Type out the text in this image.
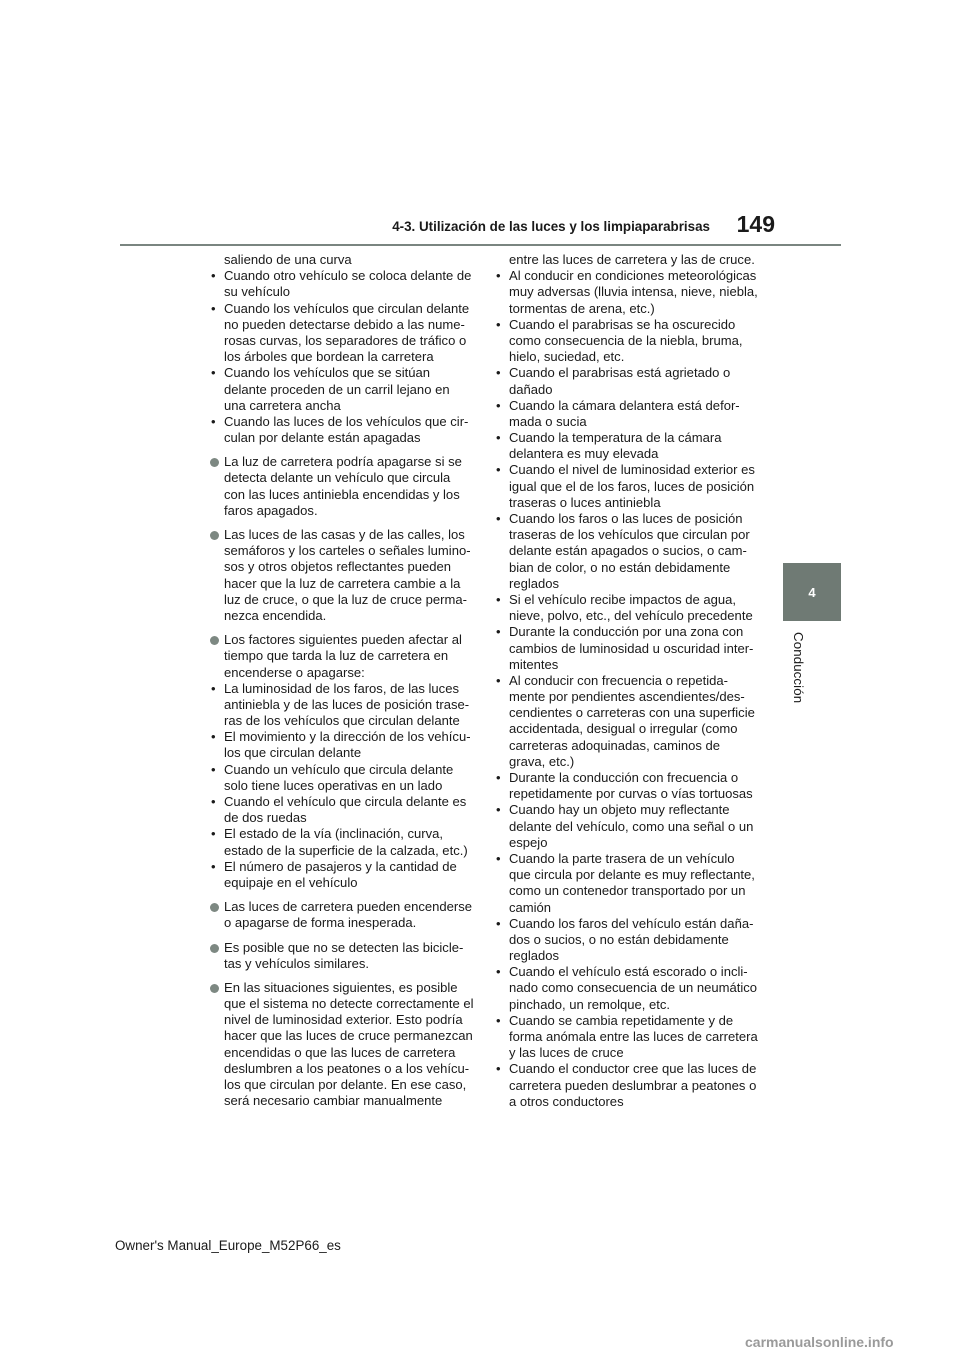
4-3. Utilización de las luces y los limpiaparabrisas	149
4
Conducción
saliendo de una curva
• Cuando otro vehículo se coloca delante de
su vehículo
• Cuando los vehículos que circulan delante
no pueden detectarse debido a las nume-
rosas curvas, los separadores de tráfico o
los árboles que bordean la carretera
• Cuando los vehículos que se sitúan
delante proceden de un carril lejano en
una carretera ancha
• Cuando las luces de los vehículos que cir-
culan por delante están apagadas
La luz de carretera podría apagarse si se
detecta delante un vehículo que circula
con las luces antiniebla encendidas y los
faros apagados.
Las luces de las casas y de las calles, los
semáforos y los carteles o señales lumino-
sos y otros objetos reflectantes pueden
hacer que la luz de carretera cambie a la
luz de cruce, o que la luz de cruce perma-
nezca encendida.
Los factores siguientes pueden afectar al
tiempo que tarda la luz de carretera en
encenderse o apagarse:
• La luminosidad de los faros, de las luces
antiniebla y de las luces de posición trase-
ras de los vehículos que circulan delante
• El movimiento y la dirección de los vehícu-
los que circulan delante
• Cuando un vehículo que circula delante
solo tiene luces operativas en un lado
• Cuando el vehículo que circula delante es
de dos ruedas
• El estado de la vía (inclinación, curva,
estado de la superficie de la calzada, etc.)
• El número de pasajeros y la cantidad de
equipaje en el vehículo
Las luces de carretera pueden encenderse
o apagarse de forma inesperada.
Es posible que no se detecten las bicicle-
tas y vehículos similares.
En las situaciones siguientes, es posible
que el sistema no detecte correctamente el
nivel de luminosidad exterior. Esto podría
hacer que las luces de cruce permanezcan
encendidas o que las luces de carretera
deslumbren a los peatones o a los vehícu-
los que circulan por delante. En ese caso,
será necesario cambiar manualmente
entre las luces de carretera y las de cruce.
• Al conducir en condiciones meteorológicas
muy adversas (lluvia intensa, nieve, niebla,
tormentas de arena, etc.)
• Cuando el parabrisas se ha oscurecido
como consecuencia de la niebla, bruma,
hielo, suciedad, etc.
• Cuando el parabrisas está agrietado o
dañado
• Cuando la cámara delantera está defor-
mada o sucia
• Cuando la temperatura de la cámara
delantera es muy elevada
• Cuando el nivel de luminosidad exterior es
igual que el de los faros, luces de posición
traseras o luces antiniebla
• Cuando los faros o las luces de posición
traseras de los vehículos que circulan por
delante están apagados o sucios, o cam-
bian de color, o no están debidamente
reglados
• Si el vehículo recibe impactos de agua,
nieve, polvo, etc., del vehículo precedente
• Durante la conducción por una zona con
cambios de luminosidad u oscuridad inter-
mitentes
• Al conducir con frecuencia o repetida-
mente por pendientes ascendientes/des-
cendientes o carreteras con una superficie
accidentada, desigual o irregular (como
carreteras adoquinadas, caminos de
grava, etc.)
• Durante la conducción con frecuencia o
repetidamente por curvas o vías tortuosas
• Cuando hay un objeto muy reflectante
delante del vehículo, como una señal o un
espejo
• Cuando la parte trasera de un vehículo
que circula por delante es muy reflectante,
como un contenedor transportado por un
camión
• Cuando los faros del vehículo están daña-
dos o sucios, o no están debidamente
reglados
• Cuando el vehículo está escorado o incli-
nado como consecuencia de un neumático
pinchado, un remolque, etc.
• Cuando se cambia repetidamente y de
forma anómala entre las luces de carretera
y las luces de cruce
• Cuando el conductor cree que las luces de
carretera pueden deslumbrar a peatones o
a otros conductores
Owner's Manual_Europe_M52P66_es
carmanualsonline.info
